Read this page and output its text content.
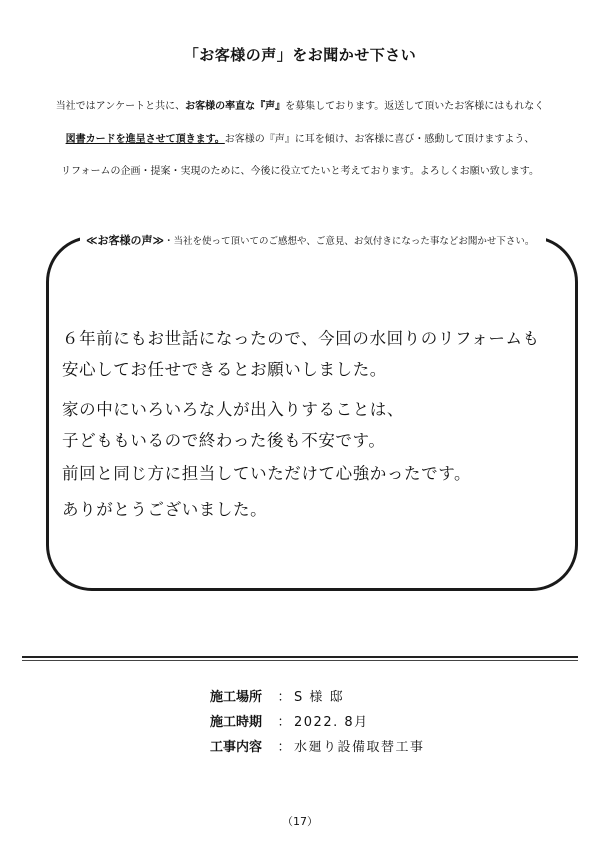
「お客様の声」をお聞かせ下さい
当社ではアンケートと共に、お客様の率直な『声』を募集しております。返送して頂いたお客様にはもれなく
図書カードを進呈させて頂きます。お客様の『声』に耳を傾け、お客様に喜び・感動して頂けますよう、
リフォームの企画・提案・実現のために、今後に役立てたいと考えております。よろしくお願い致します。
≪お客様の声≫・当社を使って頂いてのご感想や、ご意見、お気付きになった事などお聞かせ下さい。
６年前にもお世話になったので、今回の水回りのリフォームも
安心してお任せできるとお願いしました。
家の中にいろいろな人が出入りすることは、
子どももいるので終わった後も不安です。
前回と同じ方に担当していただけて心強かったです。
ありがとうございました。
施工場所 ： S 様 邸
施工時期 ： 2022. 8月
工事内容 ： 水廻り設備取替工事
（17）
